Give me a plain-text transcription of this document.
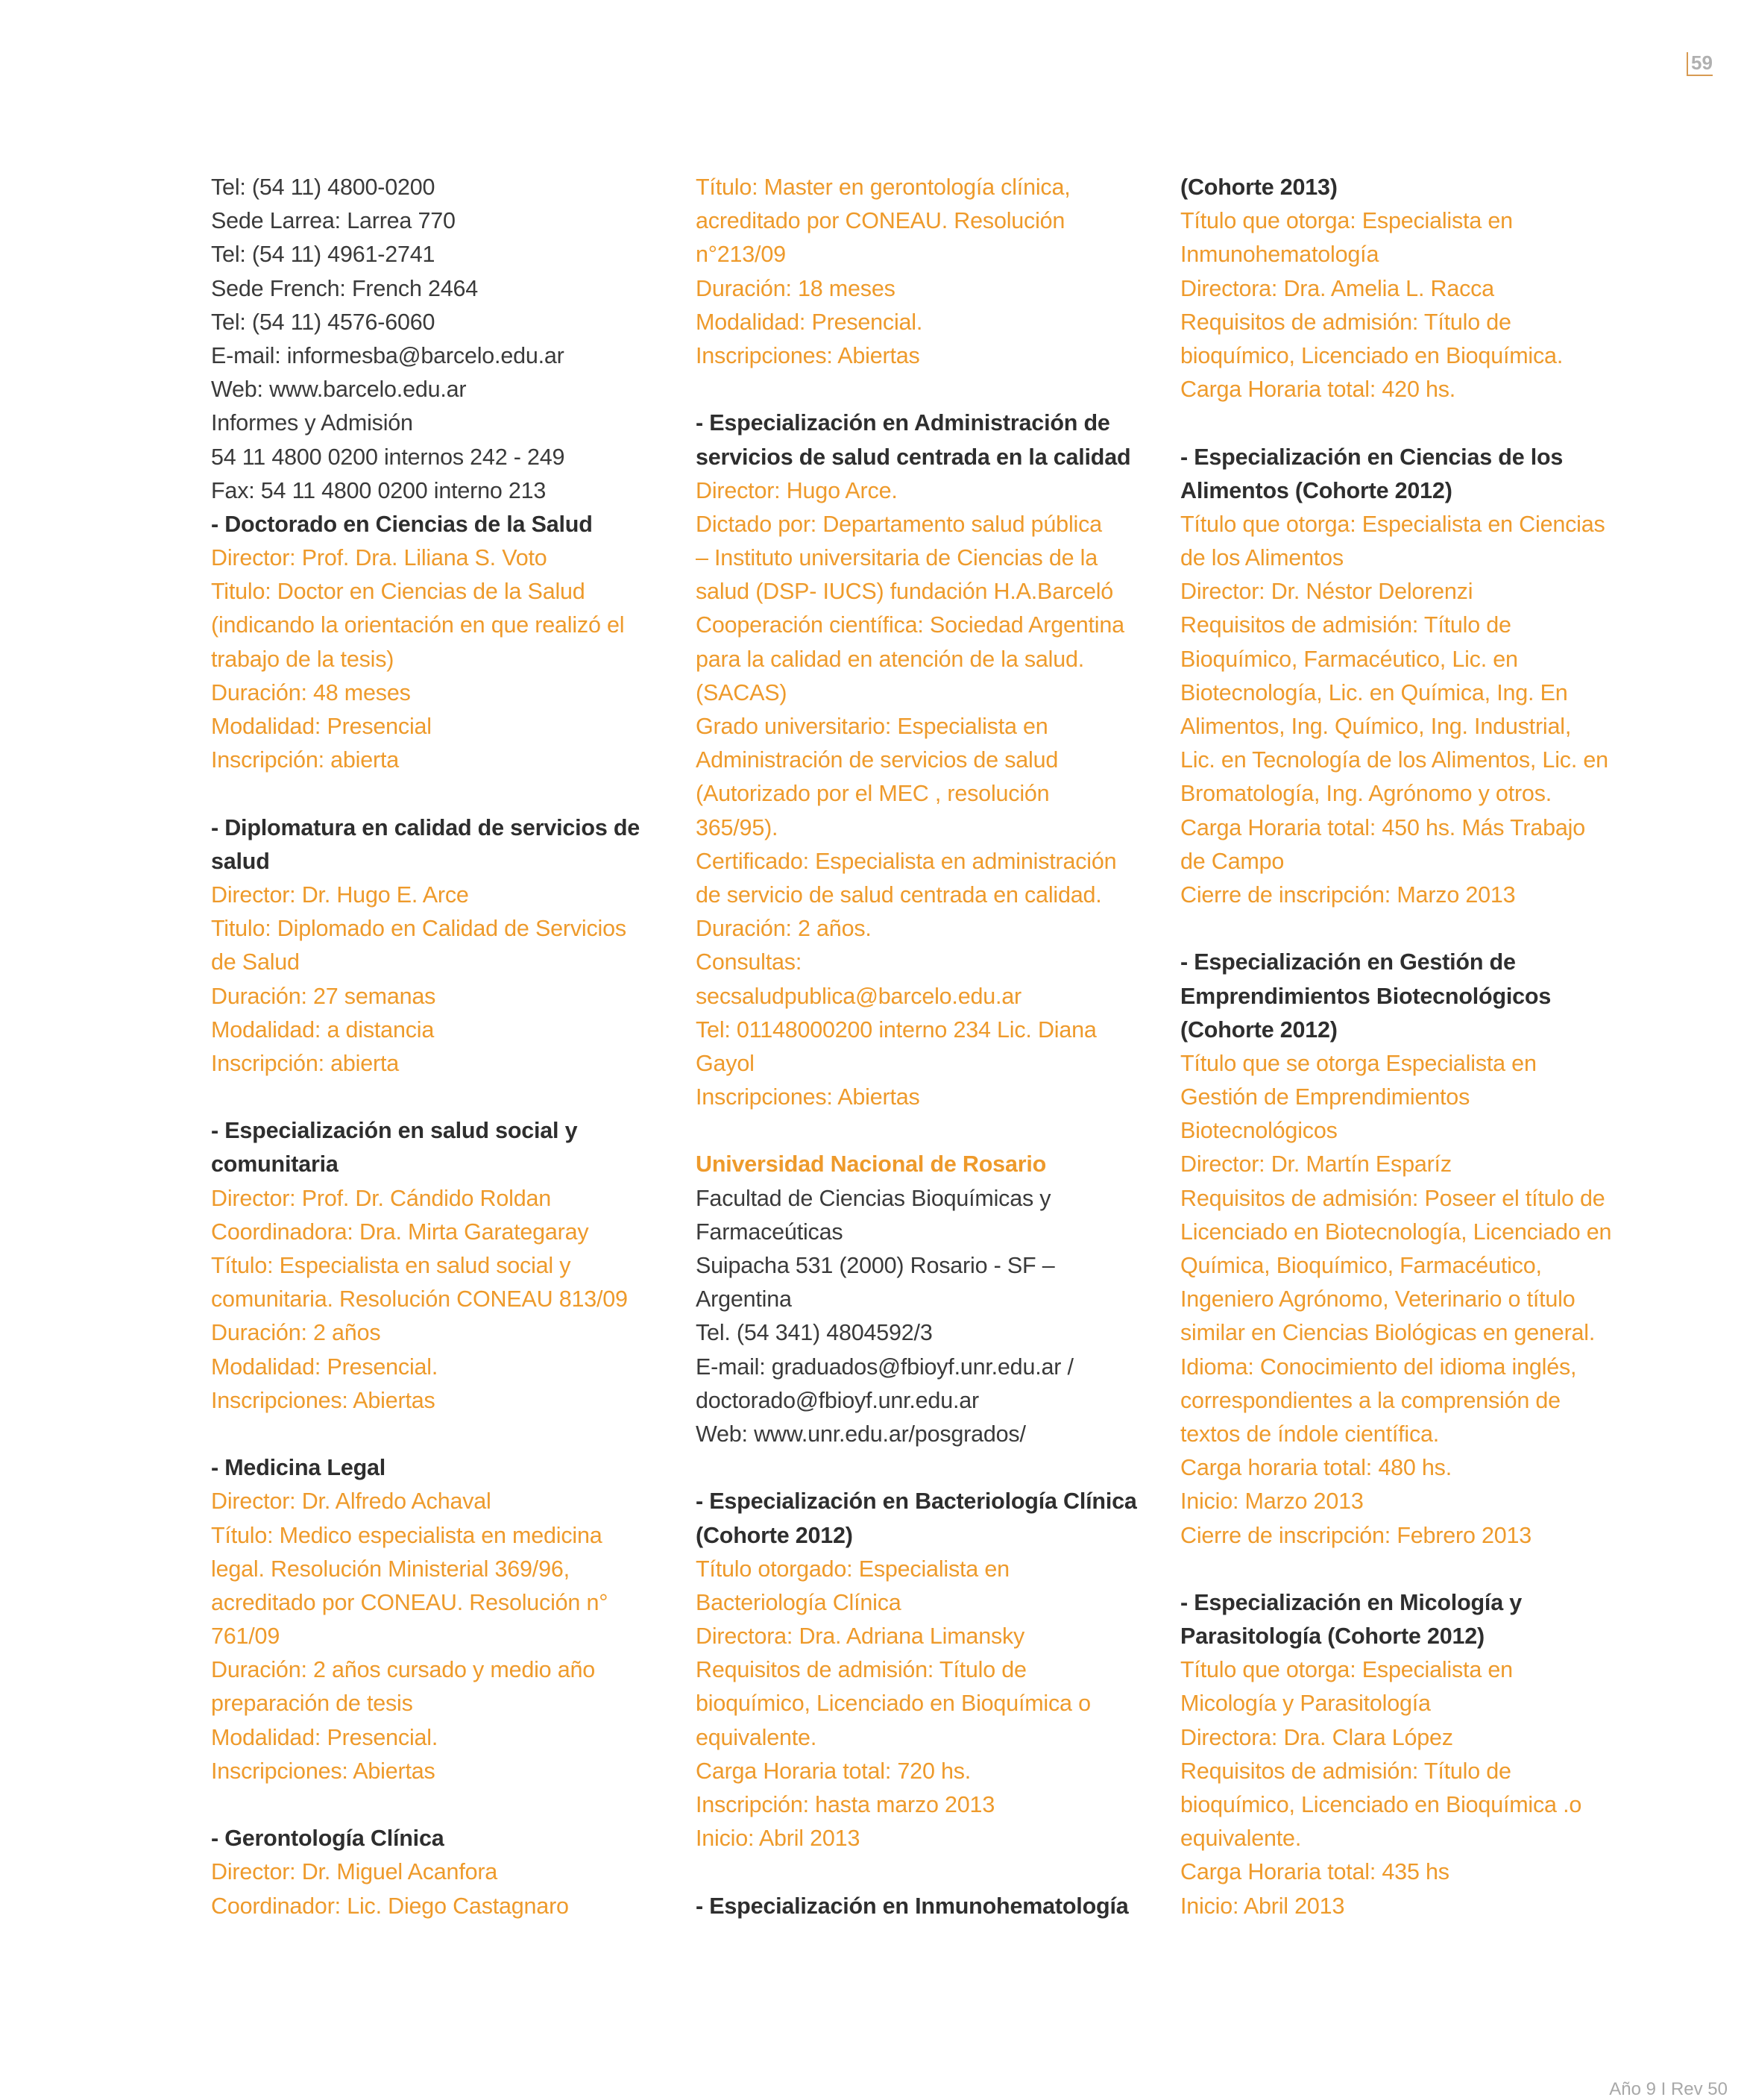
59
Tel: (54 11) 4800-0200
Sede Larrea: Larrea 770
Tel: (54 11) 4961-2741
Sede French: French 2464
Tel: (54 11) 4576-6060
E-mail: informesba@barcelo.edu.ar
Web: www.barcelo.edu.ar
Informes y Admisión
54 11 4800 0200 internos 242 - 249
Fax: 54 11 4800 0200 interno 213
- Doctorado en Ciencias de la Salud
Director: Prof. Dra. Liliana S. Voto
Titulo: Doctor en Ciencias de la Salud
(indicando la orientación en que realizó el
trabajo de la tesis)
Duración: 48 meses
Modalidad: Presencial
Inscripción: abierta
- Diplomatura en calidad de servicios de
salud
Director: Dr. Hugo E. Arce
Titulo: Diplomado en Calidad de Servicios
de Salud
Duración: 27 semanas
Modalidad: a distancia
Inscripción: abierta
- Especialización en salud social y
comunitaria
Director: Prof. Dr. Cándido Roldan
Coordinadora: Dra. Mirta Garategaray
Título: Especialista en salud social y
comunitaria. Resolución CONEAU 813/09
Duración: 2 años
Modalidad: Presencial.
Inscripciones: Abiertas
- Medicina Legal
Director: Dr. Alfredo Achaval
Título: Medico especialista en medicina
legal. Resolución Ministerial 369/96,
acreditado por CONEAU. Resolución n°
761/09
Duración: 2 años cursado y medio año
preparación de tesis
Modalidad: Presencial.
Inscripciones: Abiertas
- Gerontología Clínica
Director: Dr. Miguel Acanfora
Coordinador: Lic. Diego Castagnaro
Título: Master en gerontología clínica,
acreditado por CONEAU. Resolución
n°213/09
Duración: 18 meses
Modalidad: Presencial.
Inscripciones: Abiertas
- Especialización en Administración de
servicios de salud centrada en la calidad
Director: Hugo Arce.
Dictado por: Departamento salud pública
– Instituto universitaria de Ciencias de la
salud (DSP- IUCS) fundación H.A.Barceló
Cooperación científica: Sociedad Argentina
para la calidad en atención de la salud.
(SACAS)
Grado universitario: Especialista en
Administración de servicios de salud
(Autorizado por el MEC , resolución
365/95).
Certificado: Especialista en administración
de servicio de salud centrada en calidad.
Duración: 2 años.
Consultas:
secsaludpublica@barcelo.edu.ar
Tel: 01148000200 interno 234 Lic. Diana
Gayol
Inscripciones: Abiertas
Universidad Nacional de Rosario
Facultad de Ciencias Bioquímicas y
Farmaceúticas
Suipacha 531 (2000) Rosario - SF –
Argentina
Tel. (54 341) 4804592/3
E-mail: graduados@fbioyf.unr.edu.ar /
doctorado@fbioyf.unr.edu.ar
Web: www.unr.edu.ar/posgrados/
- Especialización en Bacteriología Clínica
(Cohorte 2012)
Título otorgado: Especialista en
Bacteriología Clínica
Directora: Dra. Adriana Limansky
Requisitos de admisión: Título de
bioquímico, Licenciado en Bioquímica o
equivalente.
Carga Horaria total: 720 hs.
Inscripción: hasta marzo 2013
Inicio: Abril 2013
- Especialización en Inmunohematología
(Cohorte 2013)
Título que otorga: Especialista en
Inmunohematología
Directora: Dra. Amelia L. Racca
Requisitos de admisión: Título de
bioquímico, Licenciado en Bioquímica.
Carga Horaria total: 420 hs.
- Especialización en Ciencias de los
Alimentos (Cohorte 2012)
Título que otorga: Especialista en Ciencias
de los Alimentos
Director: Dr. Néstor Delorenzi
Requisitos de admisión: Título de
Bioquímico, Farmacéutico, Lic. en
Biotecnología, Lic. en Química, Ing. En
Alimentos, Ing. Químico, Ing. Industrial,
Lic. en Tecnología de los Alimentos, Lic. en
Bromatología, Ing. Agrónomo y otros.
Carga Horaria total: 450 hs. Más Trabajo
de Campo
Cierre de inscripción: Marzo 2013
- Especialización en Gestión de
Emprendimientos Biotecnológicos
(Cohorte 2012)
Título que se otorga Especialista en
Gestión de Emprendimientos
Biotecnológicos
Director: Dr. Martín Esparíz
Requisitos de admisión: Poseer el título de
Licenciado en Biotecnología, Licenciado en
Química, Bioquímico, Farmacéutico,
Ingeniero Agrónomo, Veterinario o título
similar en Ciencias Biológicas en general.
Idioma: Conocimiento del idioma inglés,
correspondientes a la comprensión de
textos de índole científica.
Carga horaria total: 480 hs.
Inicio: Marzo 2013
Cierre de inscripción: Febrero 2013
- Especialización en Micología y
Parasitología (Cohorte 2012)
Título que otorga: Especialista en
Micología y Parasitología
Directora: Dra. Clara López
Requisitos de admisión: Título de
bioquímico, Licenciado en Bioquímica .o
equivalente.
Carga Horaria total: 435 hs
Inicio: Abril 2013
Año 9 I Rev 50
